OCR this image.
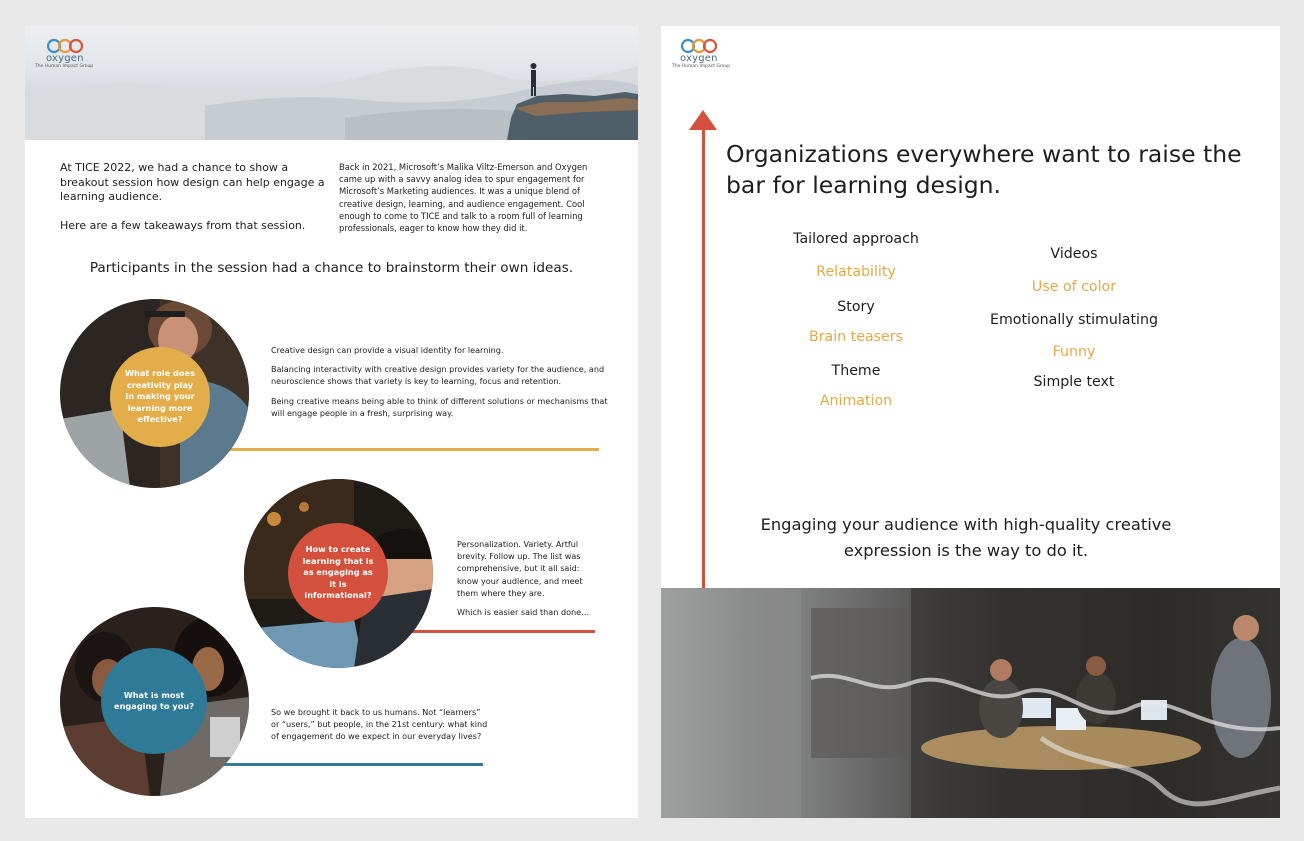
oxygen
The Human Impact Group

At TICE 2022, we had a chance to show a breakout session how design can help engage a learning audience.

Here are a few takeaways from that session.

Back in 2021, Microsoft’s Malika Viltz-Emerson and Oxygen came up with a savvy analog idea to spur engagement for Microsoft’s Marketing audiences. It was a unique blend of creative design, learning, and audience engagement. Cool enough to come to TICE and talk to a room full of learning professionals, eager to know how they did it.
Participants in the session had a chance to brainstorm their own ideas.
What role does creativity play in making your learning more effective?

Creative design can provide a visual identity for learning.

Balancing interactivity with creative design provides variety for the audience, and neuroscience shows that variety is key to learning, focus and retention.

Being creative means being able to think of different solutions or mechanisms that will engage people in a fresh, surprising way.

How to create learning that is as engaging as it is informational?

Personalization. Variety. Artful brevity. Follow up. The list was comprehensive, but it all said: know your audience, and meet them where they are.

Which is easier said than done…

What is most engaging to you?

So we brought it back to us humans. Not “learners” or “users,” but people, in the 21st century: what kind of engagement do we expect in our everyday lives?

oxygen
The Human Impact Group
Organizations everywhere want to raise the bar for learning design.
Tailored approach
Relatability
Story
Brain teasers
Theme
Animation
Videos
Use of color
Emotionally stimulating
Funny
Simple text
Engaging your audience with high-quality creative expression is the way to do it.
